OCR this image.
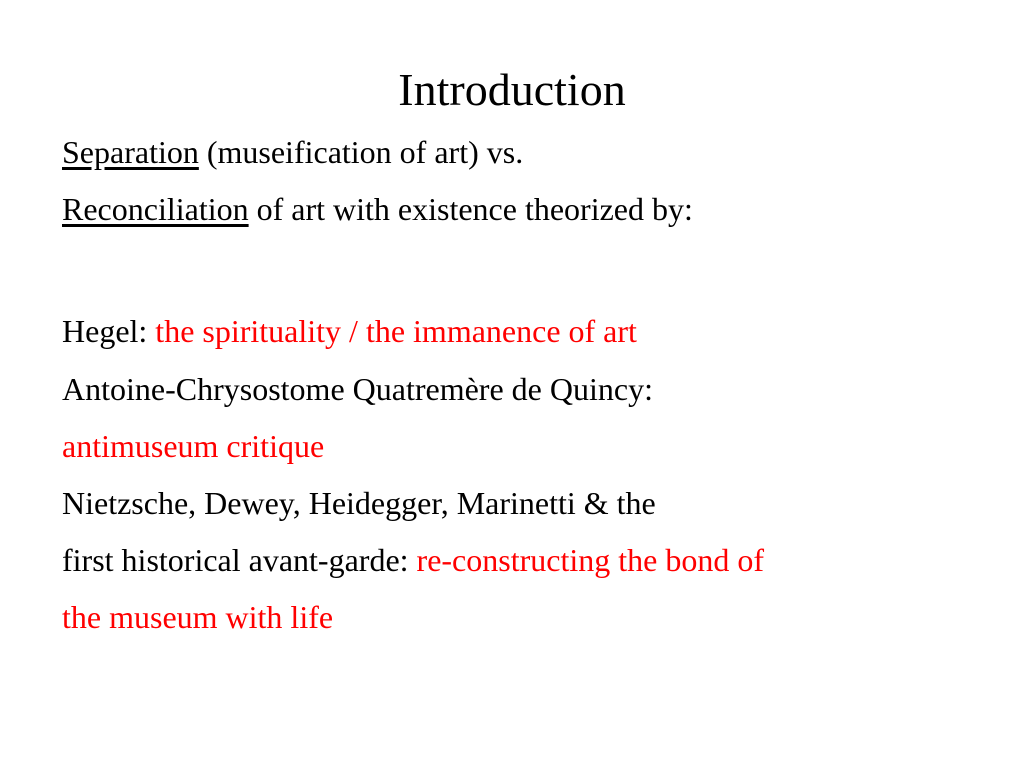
Introduction
Separation (museification of art) vs.
Reconciliation of art with existence theorized by:
Hegel: the spirituality / the immanence of art
Antoine-Chrysostome Quatremère de Quincy:
antimuseum critique
Nietzsche, Dewey, Heidegger, Marinetti & the
first historical avant-garde: re-constructing the bond of
the museum with life
